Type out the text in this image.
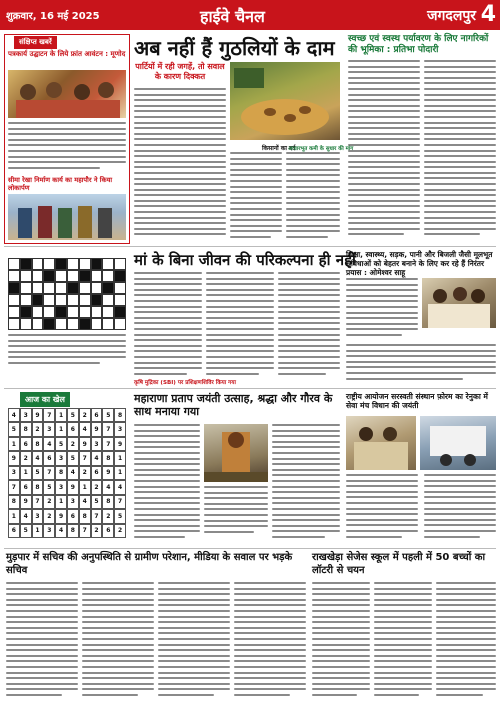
शुक्रवार, 16 मई 2025	हाईवे चैनल	जगदलपुर 4
संक्षिप्त खबरें
पत्रकार्य उद्घाटन के लिये फ्रांत आवंटन : मूणोद
सीमा रेखा निर्माण कार्य का महापौर ने किया लोकार्पण
अब नहीं हैं गुठलियों के दाम
पार्टियों में रही जगहें, तो सवाल के कारण दिक्कत
किसानों का दर्द
स्वच्छ एवं स्वस्थ पर्यावरण के लिए नागरिकों की भूमिका : प्रतिभा पोदारी
मां के बिना जीवन की परिकल्पना ही नहीं
शिक्षा, स्वास्थ्य, सड़क, पानी और बिजली जैसी मूलभूत सुविधाओं को बेहतर बनाने के लिए कर रहे हैं निरंतर प्रयास : ओमेश्वर साहू
महाराणा प्रताप जयंती उत्साह, श्रद्धा और गौरव के साथ मनाया गया
राष्ट्रीय आयोजन सरस्वती संस्थान फ़ोरम का रेनुका में सेवा मंच विधान की जयंती
आज का खेल
4	3	9	7	1	5	2	6	5	8
5	8	2	3	1	6	4	9	7	3
1	6	8	4	5	2	9	3	7	9
9	2	4	6	3	5	7	4	8	1
3	1	5	7	8	4	2	6	9	1
7	6	8	5	3	9	1	2	4	4
8	9	7	2	1	3	4	5	8	7
1	4	3	2	9	6	8	7	2	5
6	5	1	3	4	8	7	2	6	2
मुड़पार में सचिव की अनुपस्थिति से ग्रामीण परेशान, मीडिया के सवाल पर भड़के सचिव
राखखेड़ा सेजेस स्कूल में पहली में 50 बच्चों का लॉटरी से चयन
आधारभूत कमी के सुधार की मांग
कृषि मुद्रिका (SBI) पर प्रशिक्षणशिविर किया गया
